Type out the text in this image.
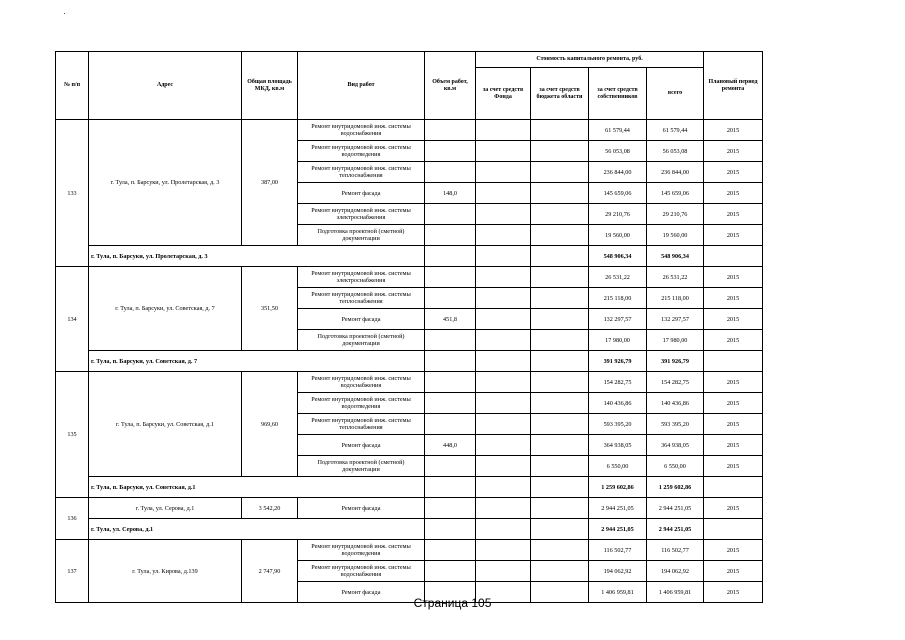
№ п/п	Адрес	Общая площадь МКД, кв.м	Вид работ	Объем работ, кв.м	Стоимость капитального ремонта, руб.				Плановый период ремонта
					за счет средств Фонда	за счет средств бюджета области	за счет средств собственников	всего	
133	г. Тула, п. Барсуки, ул. Пролетарская, д. 3	387,00	Ремонт внутридомовой инж. системы водоснабжения				61 579,44	61 579,44	2015
			Ремонт внутридомовой инж. системы водоотведения				56 053,08	56 053,08	2015
			Ремонт внутридомовой инж. системы теплоснабжения				236 844,00	236 844,00	2015
			Ремонт фасада	148,0			145 659,06	145 659,06	2015
			Ремонт внутридомовой инж. системы электроснабжения				29 210,76	29 210,76	2015
			Подготовка проектной (сметной) документации				19 560,00	19 560,00	2015
	г. Тула, п. Барсуки, ул. Пролетарская, д. 3						548 906,34	548 906,34	
134	г. Тула, п. Барсуки, ул. Советская, д. 7	351,50	Ремонт внутридомовой инж. системы электроснабжения				26 531,22	26 531,22	2015
			Ремонт внутридомовой инж. системы теплоснабжения				215 118,00	215 118,00	2015
			Ремонт фасада	451,8			132 297,57	132 297,57	2015
			Подготовка проектной (сметной) документации				17 980,00	17 980,00	2015
	г. Тула, п. Барсуки, ул. Советская, д. 7						391 926,79	391 926,79	
135	г. Тула, п. Барсуки, ул. Советская, д.1	969,60	Ремонт внутридомовой инж. системы водоснабжения				154 282,75	154 282,75	2015
			Ремонт внутридомовой инж. системы водоотведения				140 436,86	140 436,86	2015
			Ремонт внутридомовой инж. системы теплоснабжения				593 395,20	593 395,20	2015
			Ремонт фасада	448,0			364 938,05	364 938,05	2015
			Подготовка проектной (сметной) документации				6 550,00	6 550,00	2015
	г. Тула, п. Барсуки, ул. Советская, д.1						1 259 602,86	1 259 602,86	
136	г. Тула, ул. Серова, д.1	3 542,20	Ремонт фасада				2 944 251,05	2 944 251,05	2015
	г. Тула, ул. Серова, д.1						2 944 251,05	2 944 251,05	
137	г. Тула, ул. Кирова, д.139	2 747,90	Ремонт внутридомовой инж. системы водоотведения				116 502,77	116 502,77	2015
			Ремонт внутридомовой инж. системы водоснабжения				194 062,92	194 062,92	2015
			Ремонт фасада				1 406 959,81	1 406 959,81	2015
Страница 105
